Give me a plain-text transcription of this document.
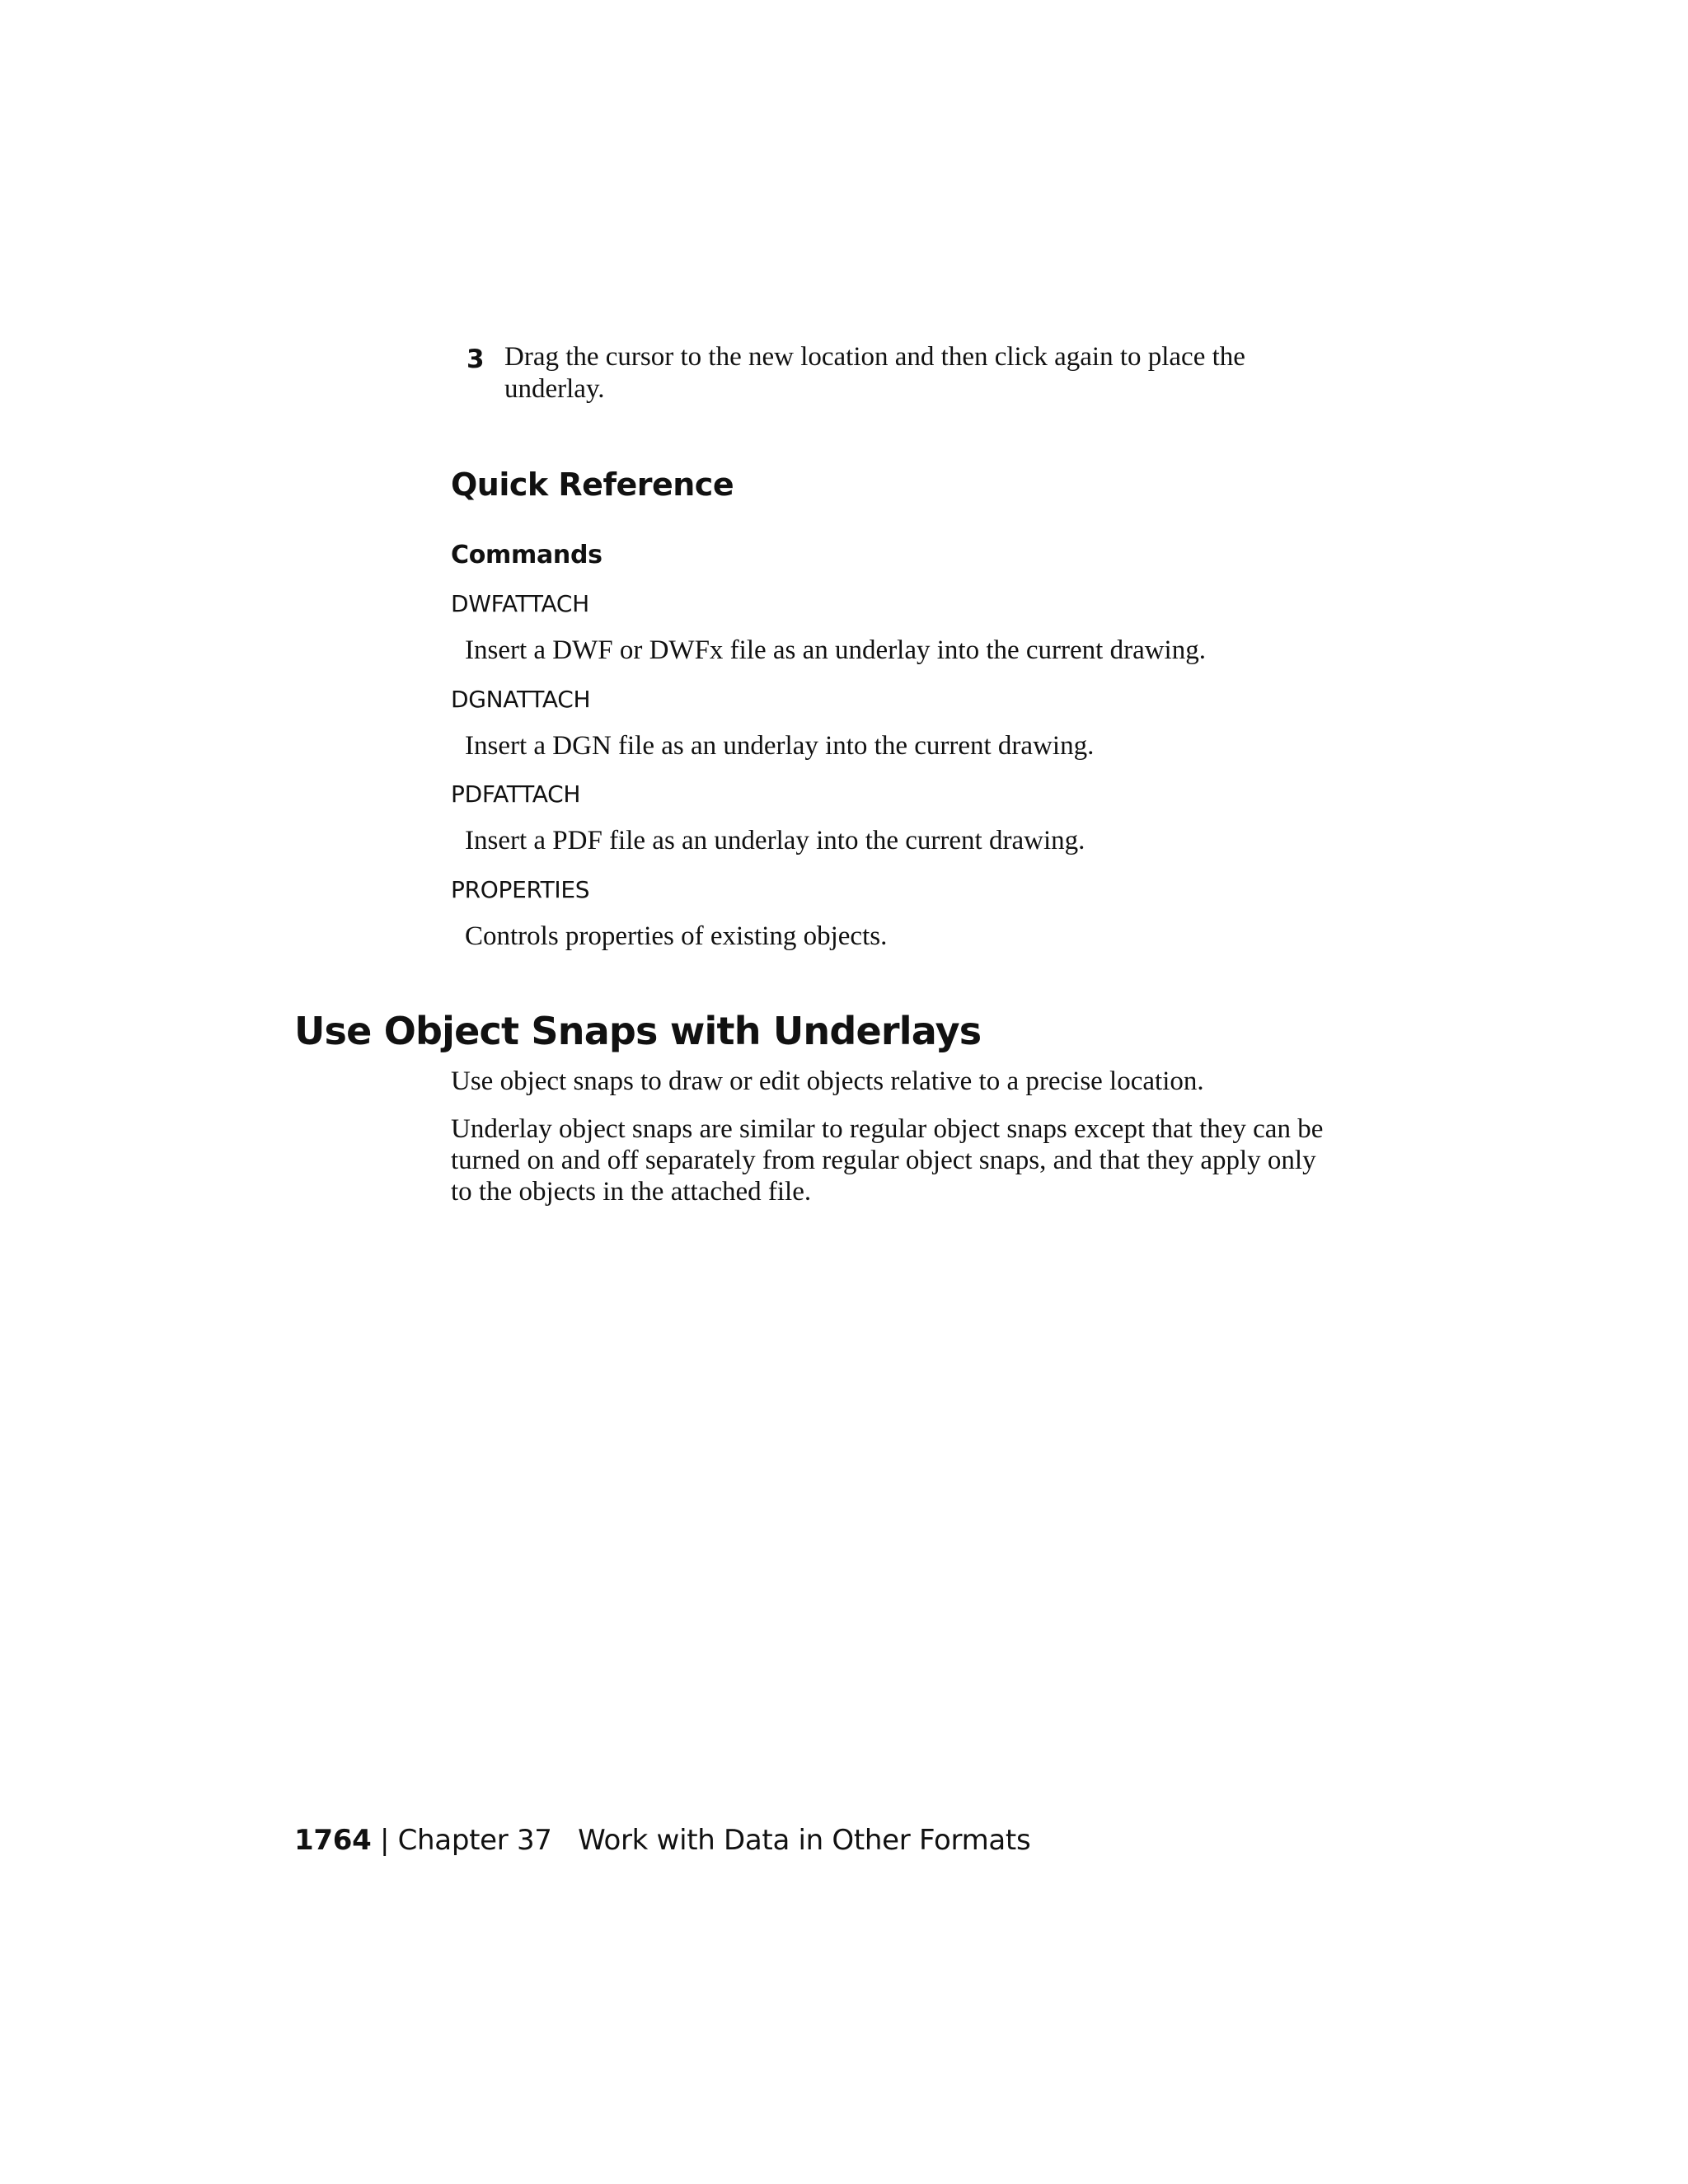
3 Drag the cursor to the new location and then click again to place the underlay.
Quick Reference
Commands
DWFATTACH
Insert a DWF or DWFx file as an underlay into the current drawing.
DGNATTACH
Insert a DGN file as an underlay into the current drawing.
PDFATTACH
Insert a PDF file as an underlay into the current drawing.
PROPERTIES
Controls properties of existing objects.
Use Object Snaps with Underlays
Use object snaps to draw or edit objects relative to a precise location.
Underlay object snaps are similar to regular object snaps except that they can be turned on and off separately from regular object snaps, and that they apply only to the objects in the attached file.
1764 | Chapter 37 Work with Data in Other Formats
